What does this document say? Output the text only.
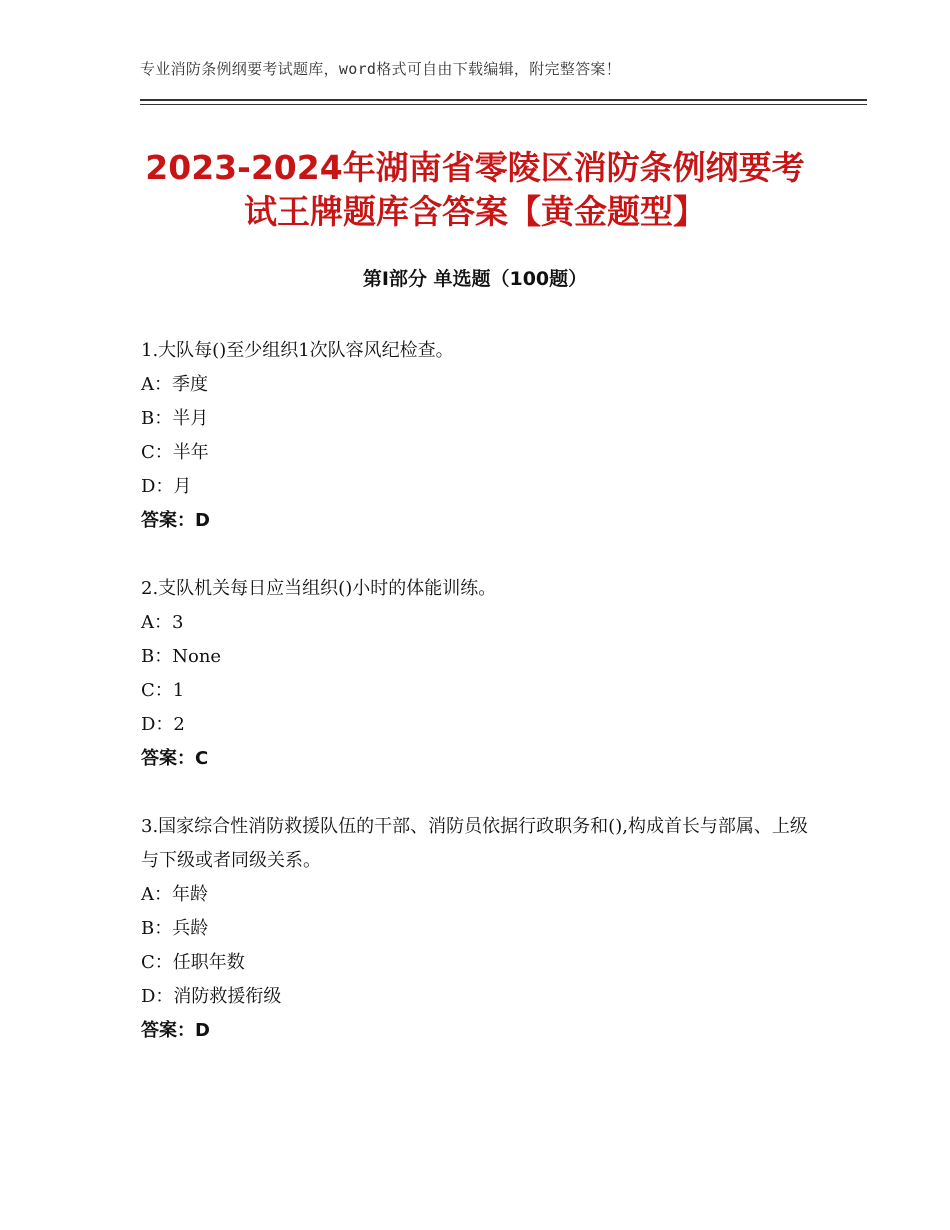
专业消防条例纲要考试题库，word格式可自由下载编辑，附完整答案！
2023-2024年湖南省零陵区消防条例纲要考
试王牌题库含答案【黄金题型】
第Ⅰ部分 单选题（100题）
1.大队每()至少组织1次队容风纪检查。
A：季度
B：半月
C：半年
D：月
答案：D
2.支队机关每日应当组织()小时的体能训练。
A：3
B：None
C：1
D：2
答案：C
3.国家综合性消防救援队伍的干部、消防员依据行政职务和(),构成首长与部属、上级与下级或者同级关系。
A：年龄
B：兵龄
C：任职年数
D：消防救援衔级
答案：D
